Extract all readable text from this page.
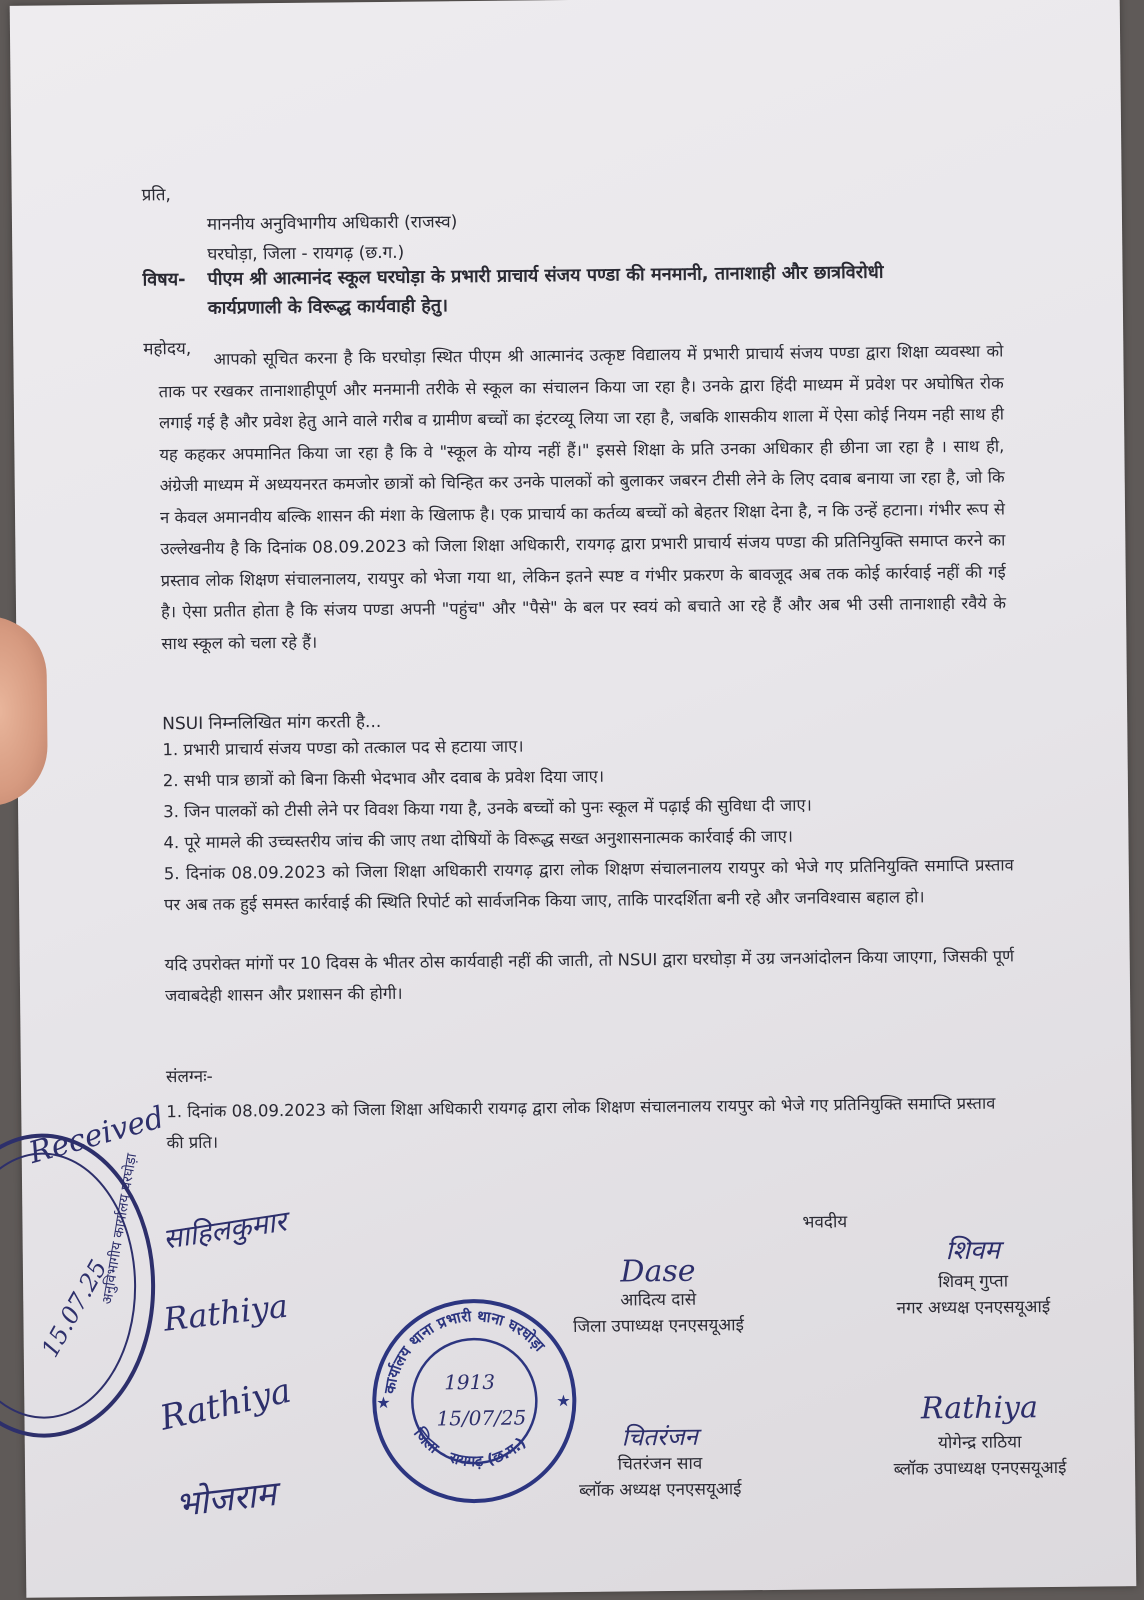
प्रति,
माननीय अनुविभागीय अधिकारी (राजस्व)
घरघोड़ा, जिला - रायगढ़ (छ.ग.)
विषय- पीएम श्री आत्मानंद स्कूल घरघोड़ा के प्रभारी प्राचार्य संजय पण्डा की मनमानी, तानाशाही और छात्रविरोधी कार्यप्रणाली के विरूद्ध कार्यवाही हेतु।
महोदय,	आपको सूचित करना है कि घरघोड़ा स्थित पीएम श्री आत्मानंद उत्कृष्ट विद्यालय में प्रभारी प्राचार्य संजय पण्डा द्वारा शिक्षा व्यवस्था को ताक पर रखकर तानाशाहीपूर्ण और मनमानी तरीके से स्कूल का संचालन किया जा रहा है। उनके द्वारा हिंदी माध्यम में प्रवेश पर अघोषित रोक लगाई गई है और प्रवेश हेतु आने वाले गरीब व ग्रामीण बच्चों का इंटरव्यू लिया जा रहा है, जबकि शासकीय शाला में ऐसा कोई नियम नही साथ ही यह कहकर अपमानित किया जा रहा है कि वे "स्कूल के योग्य नहीं हैं।" इससे शिक्षा के प्रति उनका अधिकार ही छीना जा रहा है । साथ ही, अंग्रेजी माध्यम में अध्ययनरत कमजोर छात्रों को चिन्हित कर उनके पालकों को बुलाकर जबरन टीसी लेने के लिए दवाब बनाया जा रहा है, जो कि न केवल अमानवीय बल्कि शासन की मंशा के खिलाफ है। एक प्राचार्य का कर्तव्य बच्चों को बेहतर शिक्षा देना है, न कि उन्हें हटाना। गंभीर रूप से उल्लेखनीय है कि दिनांक 08.09.2023 को जिला शिक्षा अधिकारी, रायगढ़ द्वारा प्रभारी प्राचार्य संजय पण्डा की प्रतिनियुक्ति समाप्त करने का प्रस्ताव लोक शिक्षण संचालनालय, रायपुर को भेजा गया था, लेकिन इतने स्पष्ट व गंभीर प्रकरण के बावजूद अब तक कोई कार्रवाई नहीं की गई है। ऐसा प्रतीत होता है कि संजय पण्डा अपनी "पहुंच" और "पैसे" के बल पर स्वयं को बचाते आ रहे हैं और अब भी उसी तानाशाही रवैये के साथ स्कूल को चला रहे हैं।
NSUI निम्नलिखित मांग करती है...
1. प्रभारी प्राचार्य संजय पण्डा को तत्काल पद से हटाया जाए।
2. सभी पात्र छात्रों को बिना किसी भेदभाव और दवाब के प्रवेश दिया जाए।
3. जिन पालकों को टीसी लेने पर विवश किया गया है, उनके बच्चों को पुनः स्कूल में पढ़ाई की सुविधा दी जाए।
4. पूरे मामले की उच्चस्तरीय जांच की जाए तथा दोषियों के विरूद्ध सख्त अनुशासनात्मक कार्रवाई की जाए।
5. दिनांक 08.09.2023 को जिला शिक्षा अधिकारी रायगढ़ द्वारा लोक शिक्षण संचालनालय रायपुर को भेजे गए प्रतिनियुक्ति समाप्ति प्रस्ताव पर अब तक हुई समस्त कार्रवाई की स्थिति रिपोर्ट को सार्वजनिक किया जाए, ताकि पारदर्शिता बनी रहे और जनविश्वास बहाल हो।
यदि उपरोक्त मांगों पर 10 दिवस के भीतर ठोस कार्यवाही नहीं की जाती, तो NSUI द्वारा घरघोड़ा में उग्र जनआंदोलन किया जाएगा, जिसकी पूर्ण जवाबदेही शासन और प्रशासन की होगी।
संलग्नः-
1. दिनांक 08.09.2023 को जिला शिक्षा अधिकारी रायगढ़ द्वारा लोक शिक्षण संचालनालय रायपुर को भेजे गए प्रतिनियुक्ति समाप्ति प्रस्ताव की प्रति।
भवदीय
Dase
आदित्य दासे
जिला उपाध्यक्ष एनएसयूआई
शिवम
शिवम् गुप्ता
नगर अध्यक्ष एनएसयूआई
चितरंजन
चितरंजन साव
ब्लॉक अध्यक्ष एनएसयूआई
Rathiya
योगेन्द्र राठिया
ब्लॉक उपाध्यक्ष एनएसयूआई
अनुविभागीय कार्यालय घरघोड़ा
Received
15.07.25
साहिलकुमार
Rathiya
Rathiya
भोजराम
कार्यालय थाना प्रभारी थाना घरघोड़ा
जिला - रायगढ़ (छ.ग.)
★	★
1913
15/07/25
